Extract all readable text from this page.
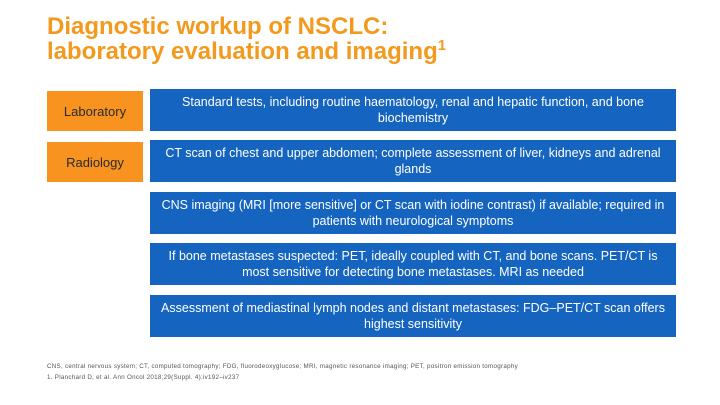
Diagnostic workup of NSCLC:
laboratory evaluation and imaging$^1$
Laboratory
Standard tests, including routine haematology, renal and hepatic function, and bone biochemistry
Radiology
CT scan of chest and upper abdomen; complete assessment of liver, kidneys and adrenal glands
CNS imaging (MRI [more sensitive] or CT scan with iodine contrast) if available; required in patients with neurological symptoms
If bone metastases suspected: PET, ideally coupled with CT, and bone scans. PET/CT is most sensitive for detecting bone metastases. MRI as needed
Assessment of mediastinal lymph nodes and distant metastases: FDG–PET/CT scan offers highest sensitivity
CNS, central nervous system; CT, computed tomography; FDG, fluorodeoxyglucose; MRI, magnetic resonance imaging; PET, positron emission tomography
1. Planchard D, et al. Ann Oncol 2018;29(Suppl. 4):iv192–iv237
